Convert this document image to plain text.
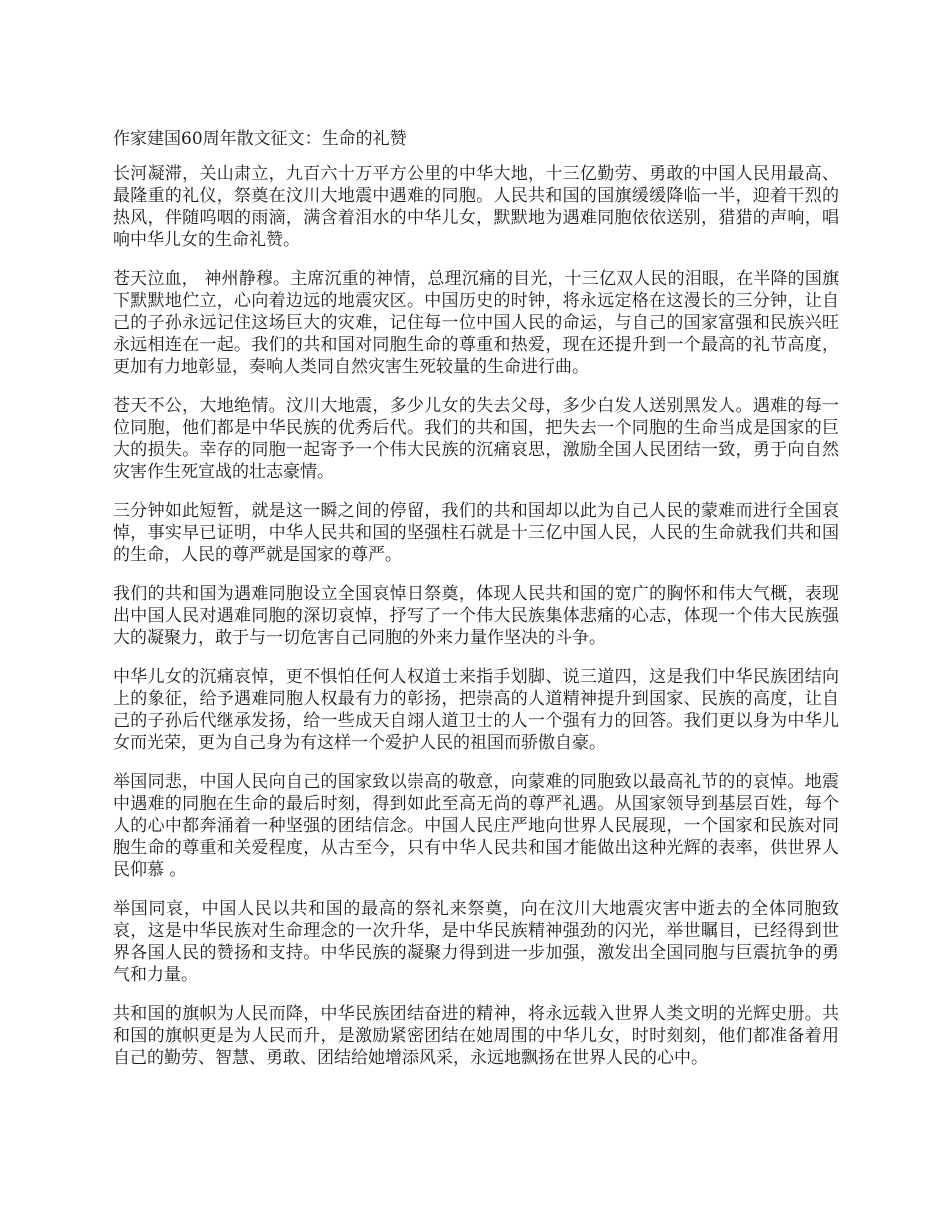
作家建国60周年散文征文：生命的礼赞

长河凝滞，关山肃立，九百六十万平方公里的中华大地，十三亿勤劳、勇敢的中国人民用最高、最隆重的礼仪，祭奠在汶川大地震中遇难的同胞。人民共和国的国旗缓缓降临一半，迎着干烈的热风，伴随呜咽的雨滴，满含着泪水的中华儿女，默默地为遇难同胞依依送别，猎猎的声响，唱响中华儿女的生命礼赞。

苍天泣血， 神州静穆。主席沉重的神情，总理沉痛的目光，十三亿双人民的泪眼，在半降的国旗下默默地伫立，心向着边远的地震灾区。中国历史的时钟，将永远定格在这漫长的三分钟，让自己的子孙永远记住这场巨大的灾难，记住每一位中国人民的命运，与自己的国家富强和民族兴旺永远相连在一起。我们的共和国对同胞生命的尊重和热爱，现在还提升到一个最高的礼节高度，更加有力地彰显，奏响人类同自然灾害生死较量的生命进行曲。

苍天不公，大地绝情。汶川大地震，多少儿女的失去父母，多少白发人送别黑发人。遇难的每一位同胞，他们都是中华民族的优秀后代。我们的共和国，把失去一个同胞的生命当成是国家的巨大的损失。幸存的同胞一起寄予一个伟大民族的沉痛哀思，激励全国人民团结一致，勇于向自然灾害作生死宣战的壮志豪情。

三分钟如此短暂，就是这一瞬之间的停留，我们的共和国却以此为自己人民的蒙难而进行全国哀悼，事实早已证明，中华人民共和国的坚强柱石就是十三亿中国人民，人民的生命就我们共和国的生命，人民的尊严就是国家的尊严。

我们的共和国为遇难同胞设立全国哀悼日祭奠，体现人民共和国的宽广的胸怀和伟大气概，表现出中国人民对遇难同胞的深切哀悼，抒写了一个伟大民族集体悲痛的心志，体现一个伟大民族强大的凝聚力，敢于与一切危害自己同胞的外来力量作坚决的斗争。

中华儿女的沉痛哀悼，更不惧怕任何人权道士来指手划脚、说三道四，这是我们中华民族团结向上的象征，给予遇难同胞人权最有力的彰扬，把崇高的人道精神提升到国家、民族的高度，让自己的子孙后代继承发扬，给一些成天自翊人道卫士的人一个强有力的回答。我们更以身为中华儿女而光荣，更为自己身为有这样一个爱护人民的祖国而骄傲自豪。

举国同悲，中国人民向自己的国家致以崇高的敬意，向蒙难的同胞致以最高礼节的的哀悼。地震中遇难的同胞在生命的最后时刻，得到如此至高无尚的尊严礼遇。从国家领导到基层百姓，每个人的心中都奔涌着一种坚强的团结信念。中国人民庄严地向世界人民展现，一个国家和民族对同胞生命的尊重和关爱程度，从古至今，只有中华人民共和国才能做出这种光辉的表率，供世界人民仰慕 。

举国同哀，中国人民以共和国的最高的祭礼来祭奠，向在汶川大地震灾害中逝去的全体同胞致哀，这是中华民族对生命理念的一次升华，是中华民族精神强劲的闪光，举世瞩目，已经得到世界各国人民的赞扬和支持。中华民族的凝聚力得到进一步加强，激发出全国同胞与巨震抗争的勇气和力量。

共和国的旗帜为人民而降，中华民族团结奋进的精神，将永远载入世界人类文明的光辉史册。共和国的旗帜更是为人民而升，是激励紧密团结在她周围的中华儿女，时时刻刻，他们都准备着用自己的勤劳、智慧、勇敢、团结给她增添风采，永远地飘扬在世界人民的心中。
